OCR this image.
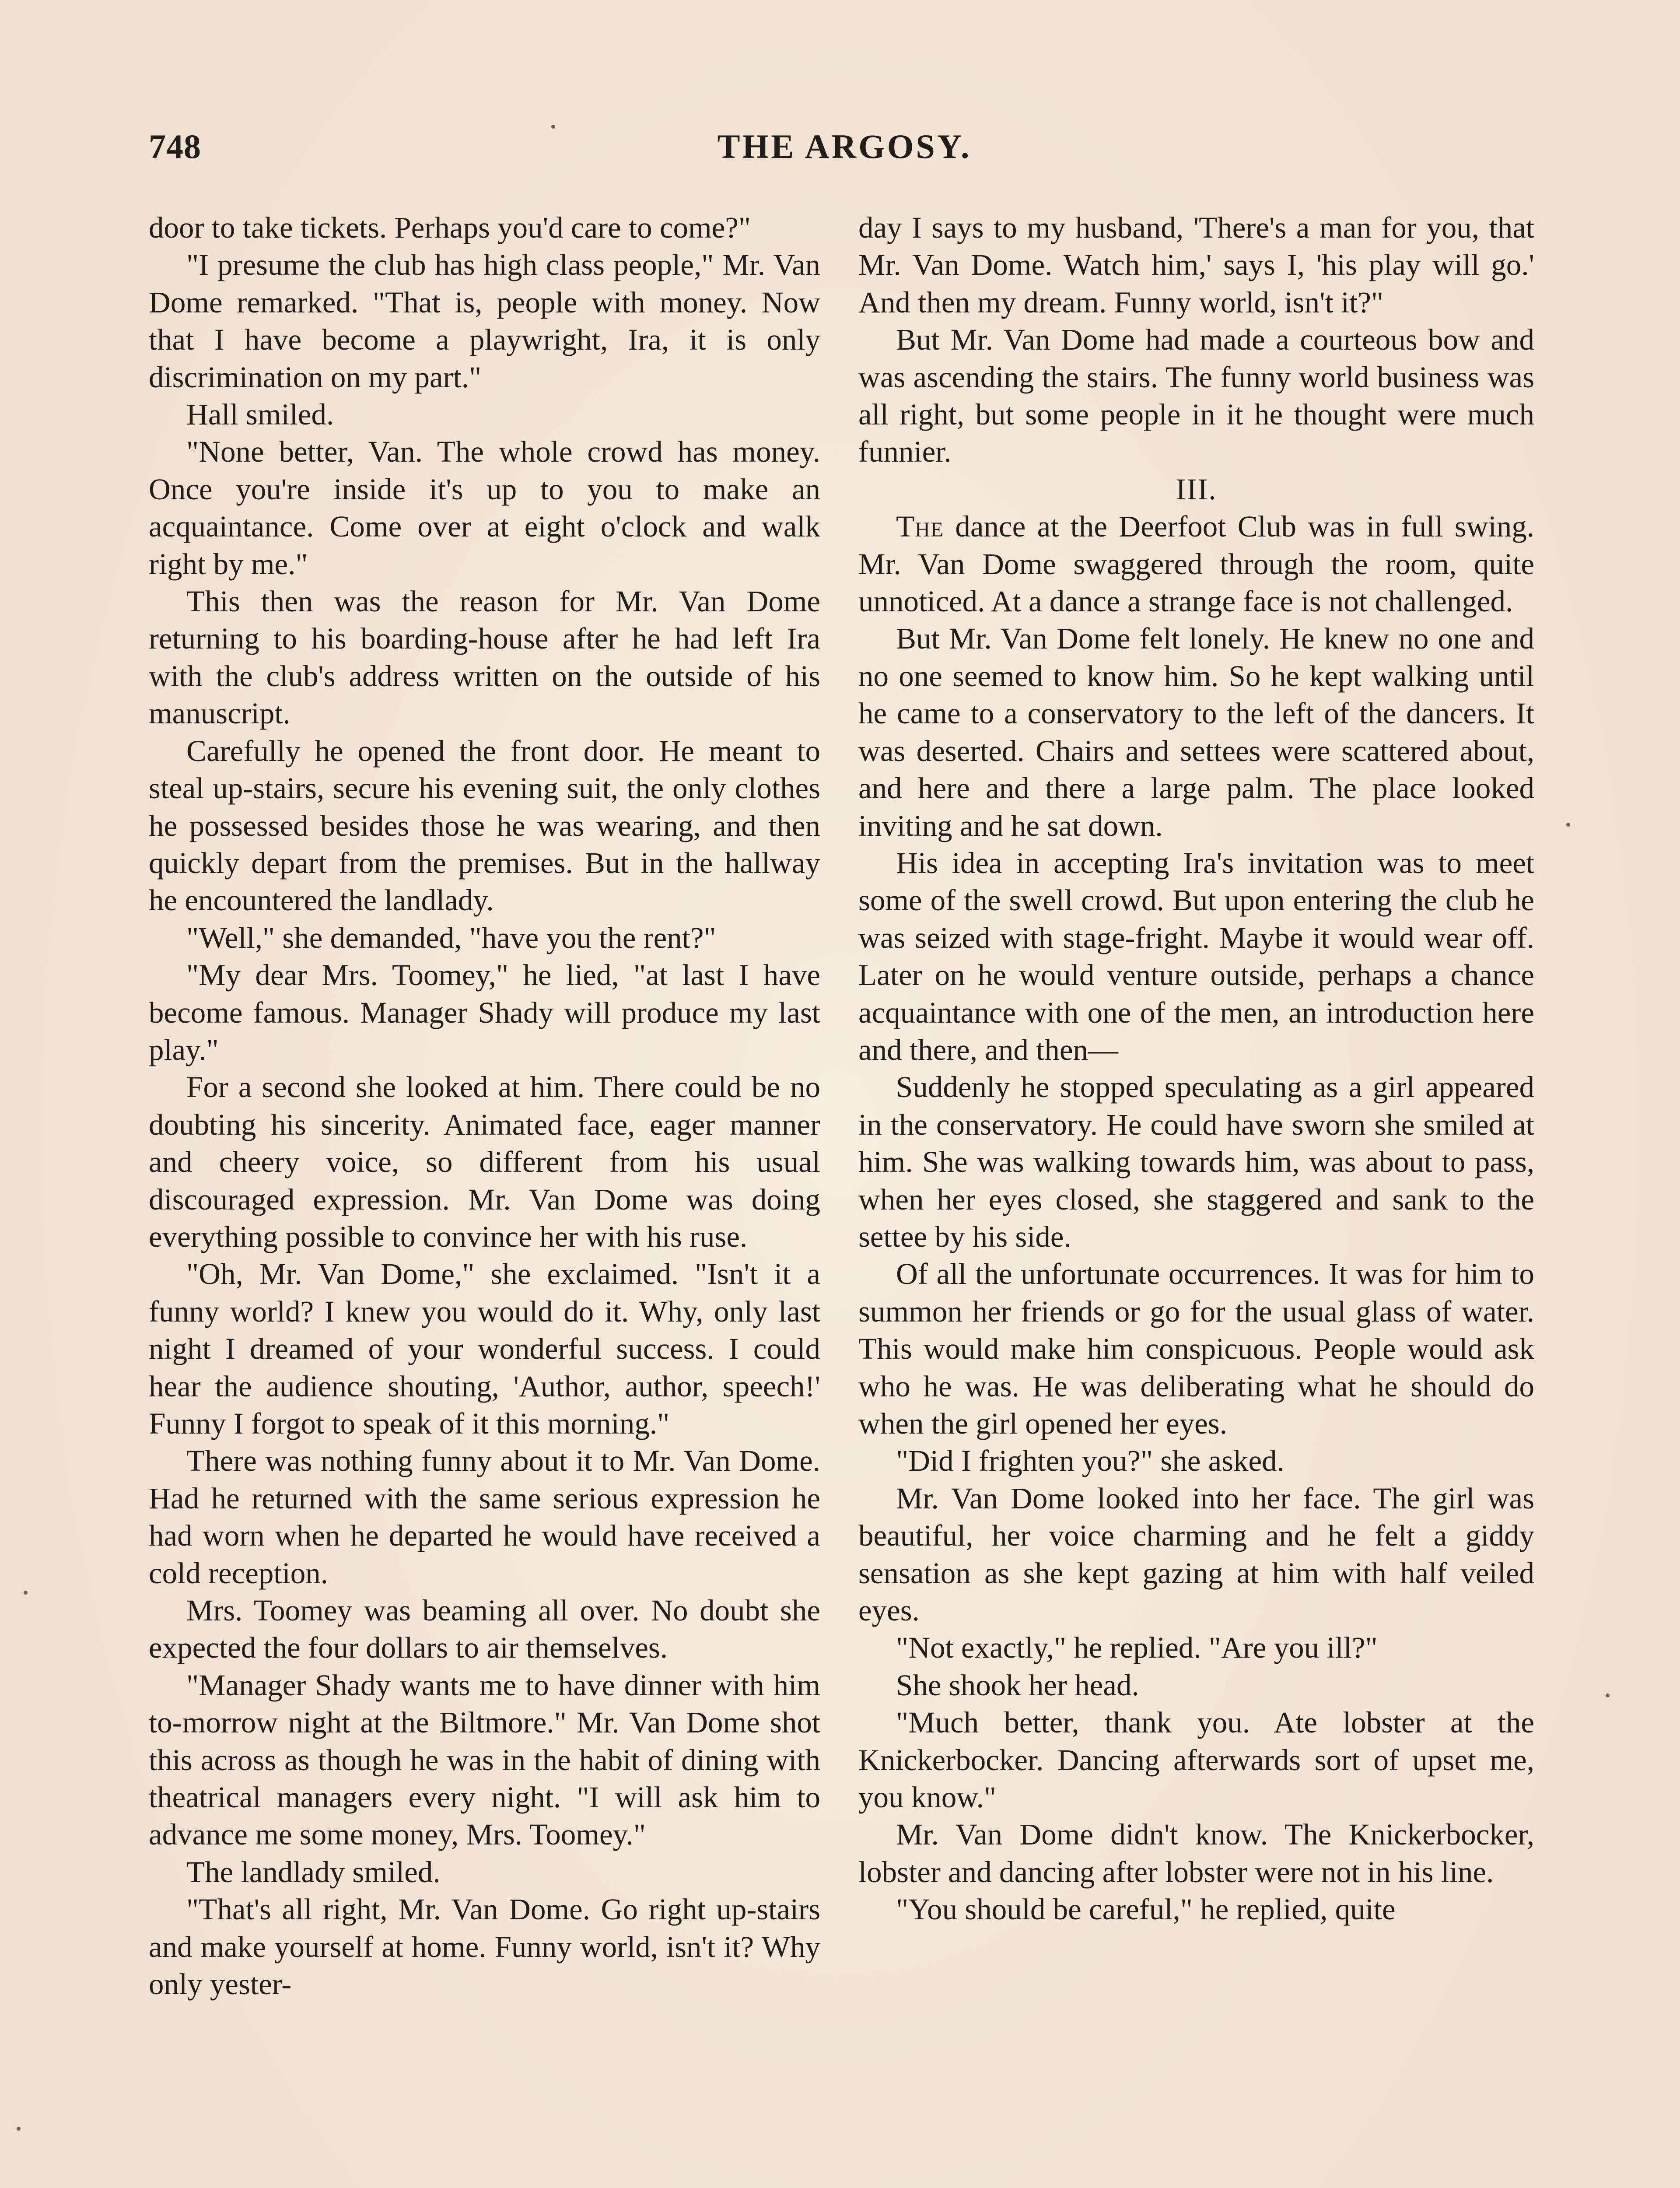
748	THE ARGOSY.

door to take tickets. Perhaps you'd care to come?"

"I presume the club has high class people," Mr. Van Dome remarked. "That is, people with money. Now that I have become a playwright, Ira, it is only discrimination on my part."

Hall smiled.

"None better, Van. The whole crowd has money. Once you're inside it's up to you to make an acquaintance. Come over at eight o'clock and walk right by me."

This then was the reason for Mr. Van Dome returning to his boarding-house after he had left Ira with the club's address written on the outside of his manuscript.

Carefully he opened the front door. He meant to steal up-stairs, secure his evening suit, the only clothes he possessed besides those he was wearing, and then quickly depart from the premises. But in the hallway he encountered the landlady.

"Well," she demanded, "have you the rent?"

"My dear Mrs. Toomey," he lied, "at last I have become famous. Manager Shady will produce my last play."

For a second she looked at him. There could be no doubting his sincerity. Animated face, eager manner and cheery voice, so different from his usual discouraged expression. Mr. Van Dome was doing everything possible to convince her with his ruse.

"Oh, Mr. Van Dome," she exclaimed. "Isn't it a funny world? I knew you would do it. Why, only last night I dreamed of your wonderful success. I could hear the audience shouting, 'Author, author, speech!' Funny I forgot to speak of it this morning."

There was nothing funny about it to Mr. Van Dome. Had he returned with the same serious expression he had worn when he departed he would have received a cold reception.

Mrs. Toomey was beaming all over. No doubt she expected the four dollars to air themselves.

"Manager Shady wants me to have dinner with him to-morrow night at the Biltmore." Mr. Van Dome shot this across as though he was in the habit of dining with theatrical managers every night. "I will ask him to advance me some money, Mrs. Toomey."

The landlady smiled.

"That's all right, Mr. Van Dome. Go right up-stairs and make yourself at home. Funny world, isn't it? Why only yester-

day I says to my husband, 'There's a man for you, that Mr. Van Dome. Watch him,' says I, 'his play will go.' And then my dream. Funny world, isn't it?"

But Mr. Van Dome had made a courteous bow and was ascending the stairs. The funny world business was all right, but some people in it he thought were much funnier.

III.

The dance at the Deerfoot Club was in full swing. Mr. Van Dome swaggered through the room, quite unnoticed. At a dance a strange face is not challenged.

But Mr. Van Dome felt lonely. He knew no one and no one seemed to know him. So he kept walking until he came to a conservatory to the left of the dancers. It was deserted. Chairs and settees were scattered about, and here and there a large palm. The place looked inviting and he sat down.

His idea in accepting Ira's invitation was to meet some of the swell crowd. But upon entering the club he was seized with stage-fright. Maybe it would wear off. Later on he would venture outside, perhaps a chance acquaintance with one of the men, an introduction here and there, and then—

Suddenly he stopped speculating as a girl appeared in the conservatory. He could have sworn she smiled at him. She was walking towards him, was about to pass, when her eyes closed, she staggered and sank to the settee by his side.

Of all the unfortunate occurrences. It was for him to summon her friends or go for the usual glass of water. This would make him conspicuous. People would ask who he was. He was deliberating what he should do when the girl opened her eyes.

"Did I frighten you?" she asked.

Mr. Van Dome looked into her face. The girl was beautiful, her voice charming and he felt a giddy sensation as she kept gazing at him with half veiled eyes.

"Not exactly," he replied. "Are you ill?"

She shook her head.

"Much better, thank you. Ate lobster at the Knickerbocker. Dancing afterwards sort of upset me, you know."

Mr. Van Dome didn't know. The Knickerbocker, lobster and dancing after lobster were not in his line.

"You should be careful," he replied, quite
